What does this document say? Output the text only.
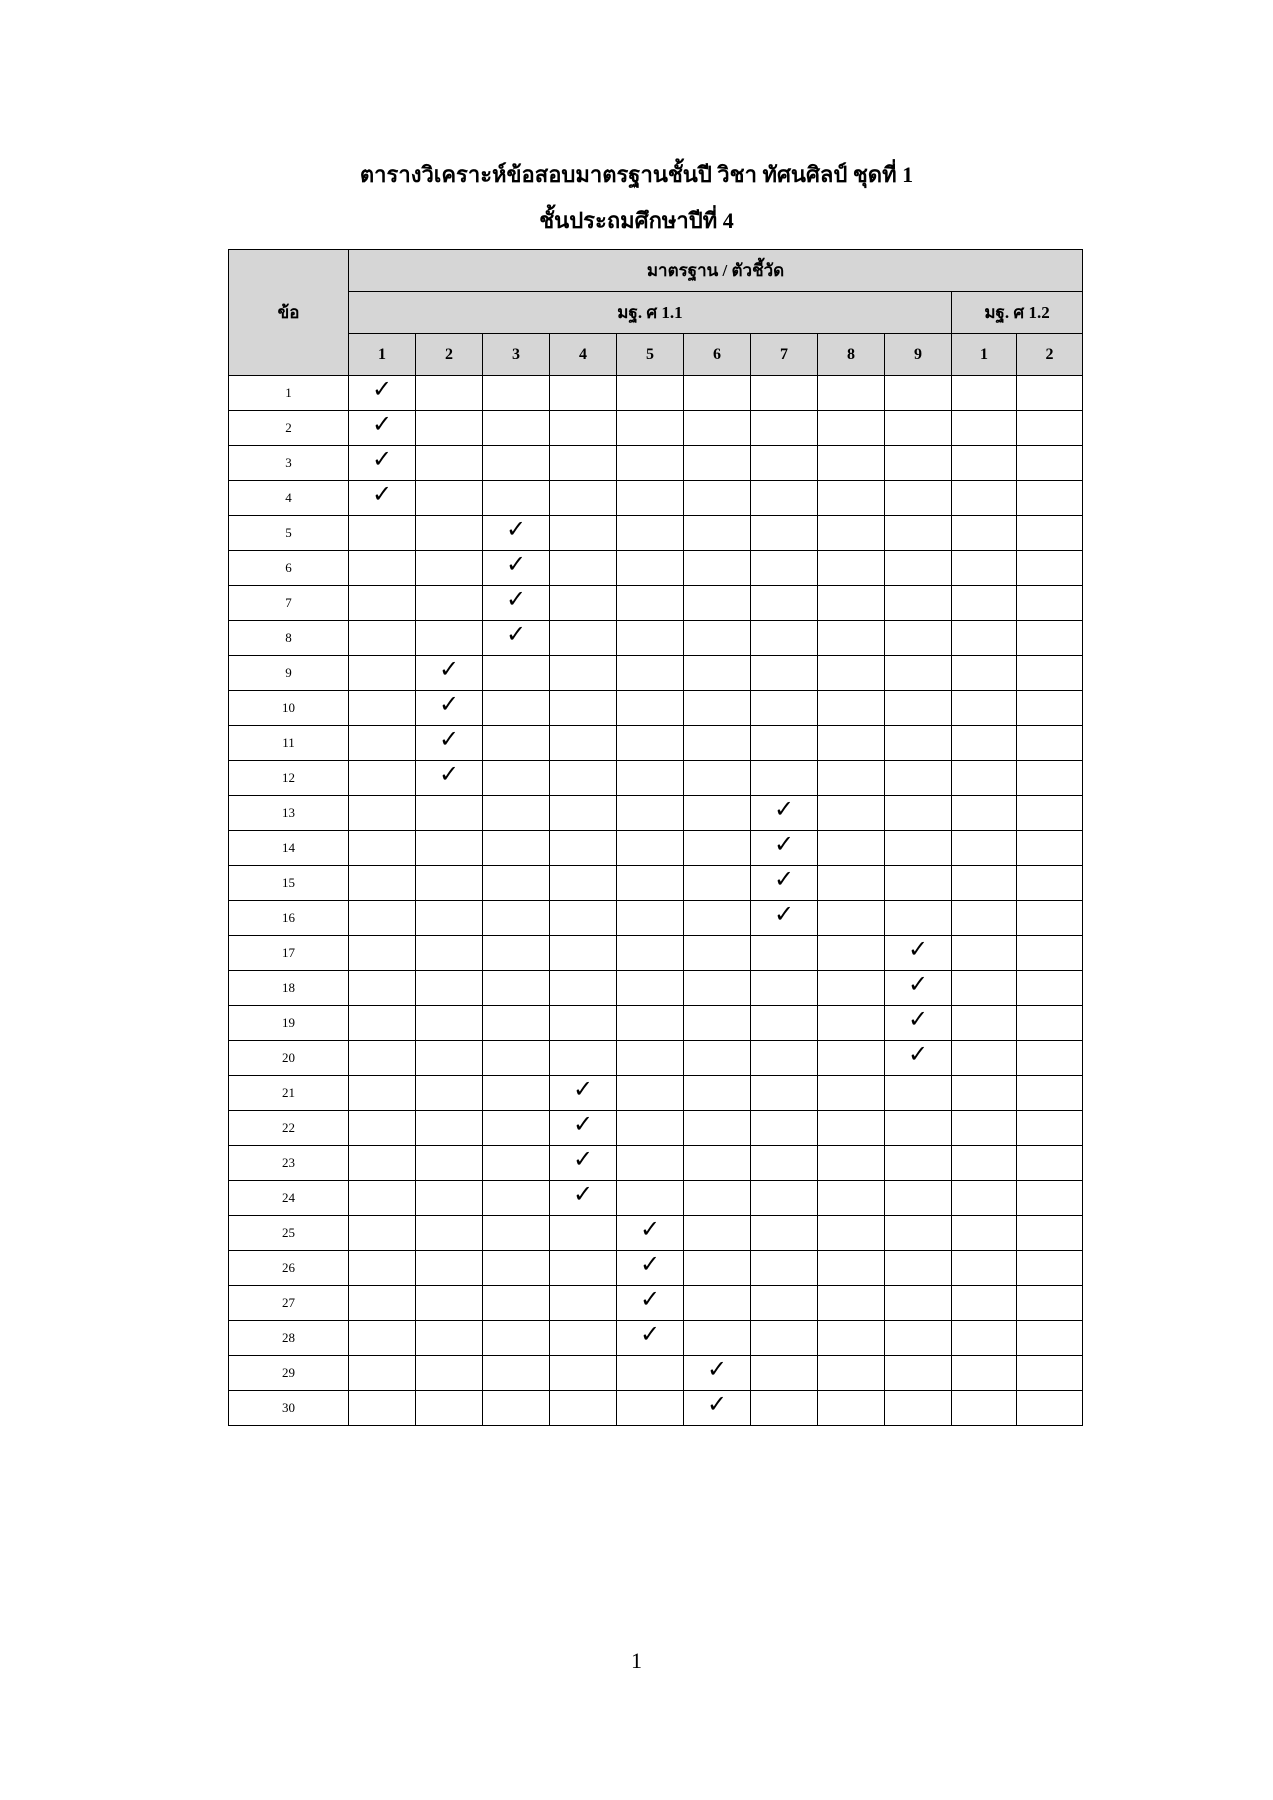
ตารางวิเคราะห์ข้อสอบมาตรฐานชั้นปี วิชา ทัศนศิลป์ ชุดที่ 1
ชั้นประถมศึกษาปีที่ 4
ข้อ	มาตรฐาน / ตัวชี้วัด										
	มฐ. ศ 1.1									มฐ. ศ 1.2	
	1	2	3	4	5	6	7	8	9	1	2
1	✓										
2	✓										
3	✓										
4	✓										
5			✓								
6			✓								
7			✓								
8			✓								
9		✓									
10		✓									
11		✓									
12		✓									
13							✓				
14							✓				
15							✓				
16							✓				
17									✓		
18									✓		
19									✓		
20									✓		
21				✓							
22				✓							
23				✓							
24				✓							
25					✓						
26					✓						
27					✓						
28					✓						
29						✓					
30						✓					
1
